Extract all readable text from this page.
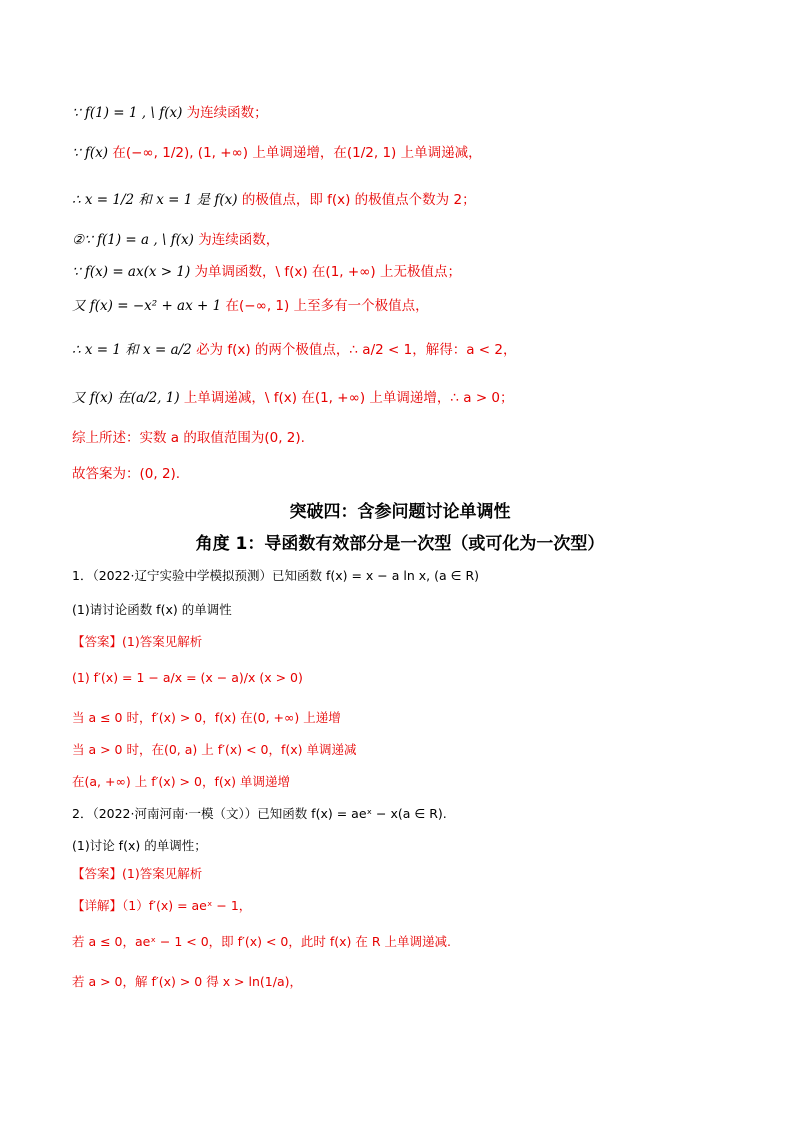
∵ f(1) = 1 , \ f(x) 为连续函数；
∵ f(x) 在(−∞, 1/2), (1, +∞) 上单调递增，在(1/2, 1) 上单调递减，
∴ x = 1/2 和 x = 1 是 f(x) 的极值点，即 f(x) 的极值点个数为 2；
②∵ f(1) = a , \ f(x) 为连续函数，
∵ f(x) = ax(x > 1) 为单调函数，\ f(x) 在(1, +∞) 上无极值点；
又 f(x) = −x² + ax + 1 在(−∞, 1) 上至多有一个极值点，
∴ x = 1 和 x = a/2 必为 f(x) 的两个极值点，∴ a/2 < 1，解得：a < 2，
又 f(x) 在(a/2, 1) 上单调递减，\ f(x) 在(1, +∞) 上单调递增，∴ a > 0；
综上所述：实数 a 的取值范围为(0, 2).
故答案为：(0, 2).
突破四：含参问题讨论单调性
角度 1：导函数有效部分是一次型（或可化为一次型）
1．（2022·辽宁实验中学模拟预测）已知函数 f(x) = x − a ln x, (a ∈ R)
(1)请讨论函数 f(x) 的单调性
【答案】(1)答案见解析
(1) f′(x) = 1 − a/x = (x − a)/x (x > 0)
当 a ≤ 0 时，f′(x) > 0，f(x) 在(0, +∞) 上递增
当 a > 0 时，在(0, a) 上 f′(x) < 0，f(x) 单调递减
在(a, +∞) 上 f′(x) > 0，f(x) 单调递增
2．（2022·河南河南·一模（文））已知函数 f(x) = aeˣ − x(a ∈ R).
(1)讨论 f(x) 的单调性；
【答案】(1)答案见解析
【详解】（1）f′(x) = aeˣ − 1，
若 a ≤ 0，aeˣ − 1 < 0，即 f′(x) < 0，此时 f(x) 在 R 上单调递减.
若 a > 0，解 f′(x) > 0 得 x > ln(1/a)，
